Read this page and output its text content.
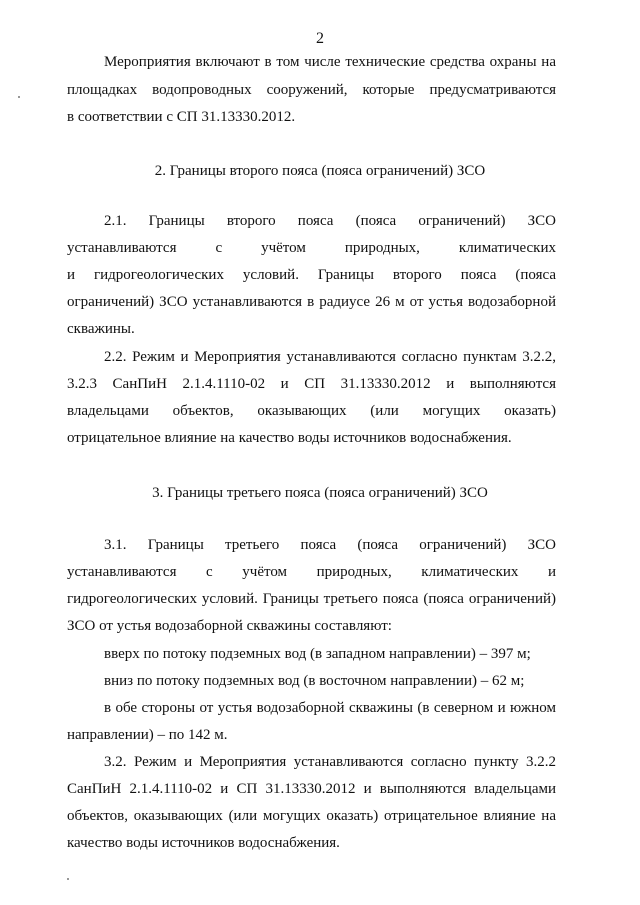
2
Мероприятия включают в том числе технические средства охраны на
площадках водопроводных сооружений, которые предусматриваются
в соответствии с СП 31.13330.2012.
2. Границы второго пояса (пояса ограничений) ЗСО
2.1. Границы второго пояса (пояса ограничений) ЗСО
устанавливаются с учётом природных, климатических
и гидрогеологических условий. Границы второго пояса (пояса
ограничений) ЗСО устанавливаются в радиусе 26 м от устья водозаборной
скважины.
2.2. Режим и Мероприятия устанавливаются согласно пунктам 3.2.2,
3.2.3 СанПиН 2.1.4.1110-02 и СП 31.13330.2012 и выполняются
владельцами объектов, оказывающих (или могущих оказать)
отрицательное влияние на качество воды источников водоснабжения.
3. Границы третьего пояса (пояса ограничений) ЗСО
3.1. Границы третьего пояса (пояса ограничений) ЗСО
устанавливаются с учётом природных, климатических и
гидрогеологических условий. Границы третьего пояса (пояса ограничений)
ЗСО от устья водозаборной скважины составляют:
вверх по потоку подземных вод (в западном направлении) – 397 м;
вниз по потоку подземных вод (в восточном направлении) – 62 м;
в обе стороны от устья водозаборной скважины (в северном и южном
направлении) – по 142 м.
3.2. Режим и Мероприятия устанавливаются согласно пункту 3.2.2
СанПиН 2.1.4.1110-02 и СП 31.13330.2012 и выполняются владельцами
объектов, оказывающих (или могущих оказать) отрицательное влияние на
качество воды источников водоснабжения.
